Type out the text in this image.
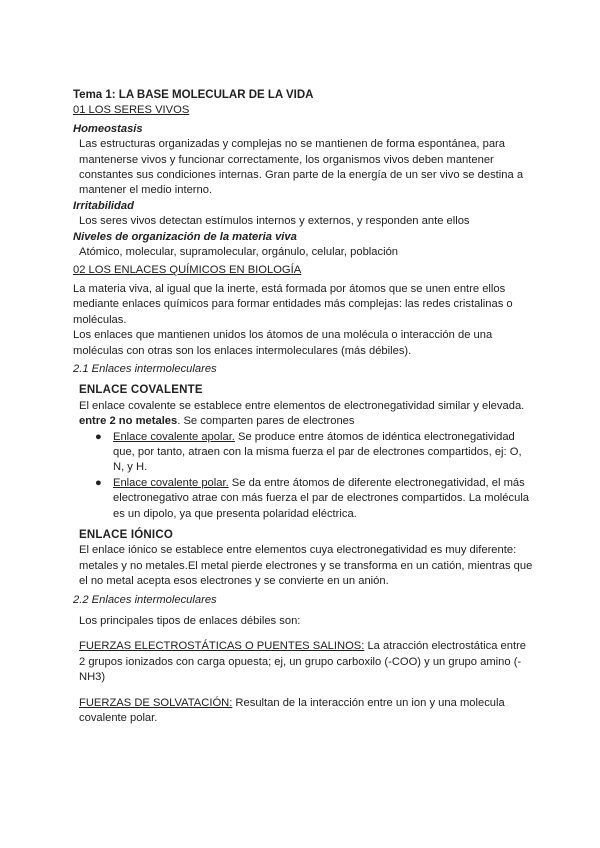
Tema 1: LA BASE MOLECULAR DE LA VIDA

01 LOS SERES VIVOS

Homeostasis

Las estructuras organizadas y complejas no se mantienen de forma espontánea, para mantenerse vivos y funcionar correctamente, los organismos vivos deben mantener constantes sus condiciones internas. Gran parte de la energía de un ser vivo se destina a mantener el medio interno.

Irritabilidad

Los seres vivos detectan estímulos internos y externos, y responden ante ellos

Niveles de organización de la materia viva

Atómico, molecular, supramolecular, orgánulo, celular, población

02 LOS ENLACES QUÍMICOS EN BIOLOGÍA

La materia viva, al igual que la inerte, está formada por átomos que se unen entre ellos mediante enlaces químicos para formar entidades más complejas: las redes cristalinas o moléculas.

Los enlaces que mantienen unidos los átomos de una molécula o interacción de una moléculas con otras son los enlaces intermoleculares (más débiles).

2.1 Enlaces intermoleculares

ENLACE COVALENTE

El enlace covalente se establece entre elementos de electronegatividad similar y elevada.
entre 2 no metales. Se comparten pares de electrones

● Enlace covalente apolar. Se produce entre átomos de idéntica electronegatividad que, por tanto, atraen con la misma fuerza el par de electrones compartidos, ej: O, N, y H.
● Enlace covalente polar. Se da entre átomos de diferente electronegatividad, el más electronegativo atrae con más fuerza el par de electrones compartidos. La molécula es un dipolo, ya que presenta polaridad eléctrica.

ENLACE IÓNICO

El enlace iónico se establece entre elementos cuya electronegatividad es muy diferente: metales y no metales.El metal pierde electrones y se transforma en un catión, mientras que el no metal acepta esos electrones y se convierte en un anión.

2.2 Enlaces intermoleculares

Los principales tipos de enlaces débiles son:

FUERZAS ELECTROSTÁTICAS O PUENTES SALINOS: La atracción electrostática entre 2 grupos ionizados con carga opuesta; ej, un grupo carboxilo (-COO) y un grupo amino (-NH3)

FUERZAS DE SOLVATACIÓN: Resultan de la interacción entre un ion y una molecula covalente polar.
